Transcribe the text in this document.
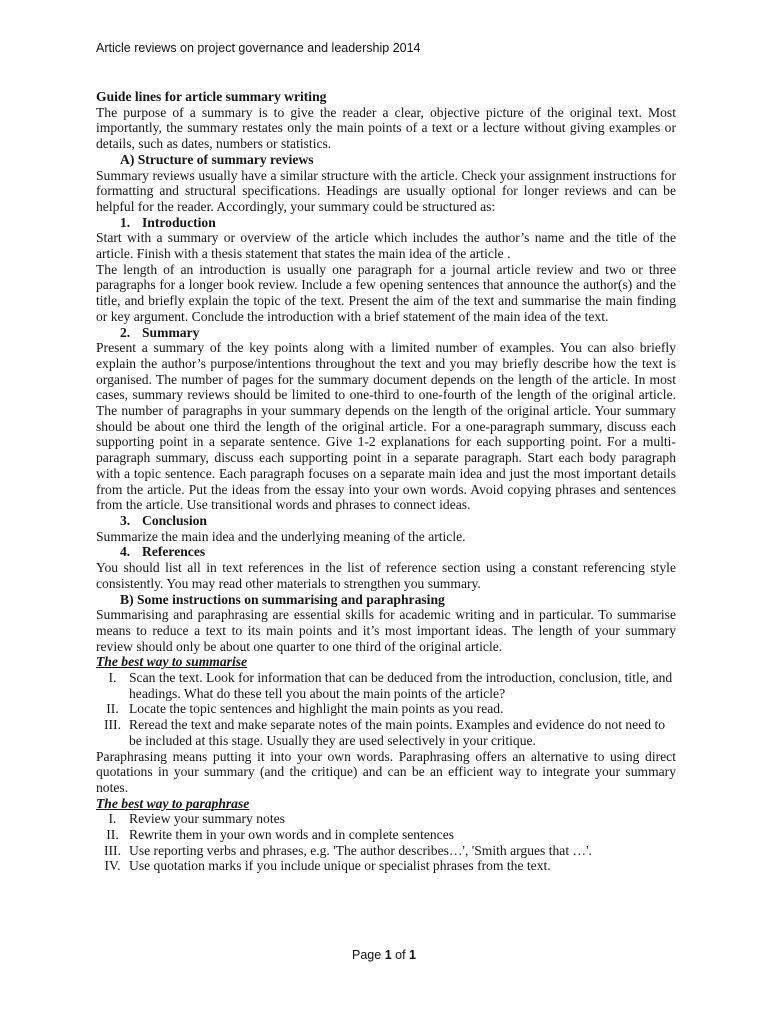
Article reviews on project governance and leadership 2014

Guide lines for article summary writing

The purpose of a summary is to give the reader a clear, objective picture of the original text. Most importantly, the summary restates only the main points of a text or a lecture without giving examples or details, such as dates, numbers or statistics.

A) Structure of summary reviews

Summary reviews usually have a similar structure with the article. Check your assignment instructions for formatting and structural specifications. Headings are usually optional for longer reviews and can be helpful for the reader. Accordingly, your summary could be structured as:

1. Introduction

Start with a summary or overview of the article which includes the author’s name and the title of the article. Finish with a thesis statement that states the main idea of the article .

The length of an introduction is usually one paragraph for a journal article review and two or three paragraphs for a longer book review. Include a few opening sentences that announce the author(s) and the title, and briefly explain the topic of the text. Present the aim of the text and summarise the main finding or key argument. Conclude the introduction with a brief statement of the main idea of the text.

2. Summary

Present a summary of the key points along with a limited number of examples. You can also briefly explain the author’s purpose/intentions throughout the text and you may briefly describe how the text is organised. The number of pages for the summary document depends on the length of the article. In most cases, summary reviews should be limited to one-third to one-fourth of the length of the original article. The number of paragraphs in your summary depends on the length of the original article. Your summary should be about one third the length of the original article. For a one-paragraph summary, discuss each supporting point in a separate sentence. Give 1-2 explanations for each supporting point. For a multi-paragraph summary, discuss each supporting point in a separate paragraph. Start each body paragraph with a topic sentence. Each paragraph focuses on a separate main idea and just the most important details from the article. Put the ideas from the essay into your own words. Avoid copying phrases and sentences from the article. Use transitional words and phrases to connect ideas.

3. Conclusion

Summarize the main idea and the underlying meaning of the article.

4. References

You should list all in text references in the list of reference section using a constant referencing style consistently. You may read other materials to strengthen you summary.

B) Some instructions on summarising and paraphrasing

Summarising and paraphrasing are essential skills for academic writing and in particular. To summarise means to reduce a text to its main points and it’s most important ideas. The length of your summary review should only be about one quarter to one third of the original article.

The best way to summarise

I. Scan the text. Look for information that can be deduced from the introduction, conclusion, title, and headings. What do these tell you about the main points of the article?
II. Locate the topic sentences and highlight the main points as you read.
III. Reread the text and make separate notes of the main points. Examples and evidence do not need to be included at this stage. Usually they are used selectively in your critique.

Paraphrasing means putting it into your own words. Paraphrasing offers an alternative to using direct quotations in your summary (and the critique) and can be an efficient way to integrate your summary notes.

The best way to paraphrase

I. Review your summary notes
II. Rewrite them in your own words and in complete sentences
III. Use reporting verbs and phrases, e.g. 'The author describes…', 'Smith argues that …'.
IV. Use quotation marks if you include unique or specialist phrases from the text.
Page 1 of 1
